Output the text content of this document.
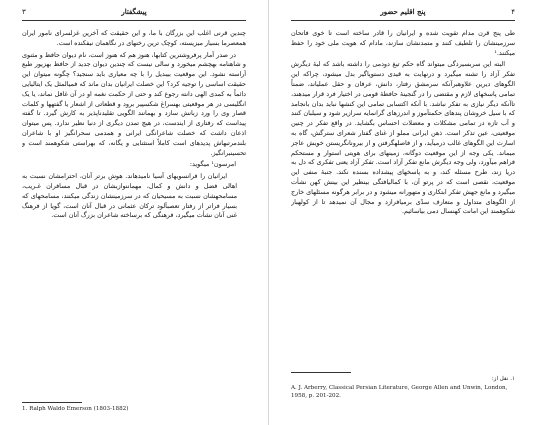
۳	پیشگفتار

چندین قرنی اغلب این بزرگان با ما، و این حقیقت که آخرین غزلسرای نامور ایران همعصرما بسیار میزیسته، کوچک ترین رخنهای در نگاهمان نیفکنده است.

در صدر آمار پرفروشترین کتابها، هنوز هم که هنوز است، نام دیوان حافظ و مثنوی و شاهنامه بهچشم میخورد و سالی نیست که چندین دیوان جدید از حافظ بهزیور طبع آراسته نشود. این موقعیت بیبدیل را با چه معیاری باید سنجید؟ چگونه میتوان این حقیقت اساسی را توجیه کرد؟ این خصلت ایرانیان بدان ماند که فمیالمثل یک ایتالیایی دائماً به کمدی الهی دانته رجوع کند و حتی از حکمت نغمه او در آن غافل نماند، یا یک انگلیسی در هر موقعیتی بهسراغ شکسپیر برود و قطعاتی از اشعار یا گفتهها و کلمات قصار وی را ورد زبانش سازد و بهمانند الگویی تقلیدناپذیر به کارش گیرد. تا گفته پیداست که رفتاری از ایندست، در هیچ تمدن دیگری از دنیا نظیر ندارد. پس میتوان اذعان داشت که خصلت شاعرانگی ایرانی و همدمی سحرانگیز او با شاعران بلندمرتبهاش پدیدهای است کاملاً استثنایی و یگانه، که بهراستی شکوهمند است و تحسینبرانگیز.

امرسون¹ میگوید:

ایرانیان را فرانسویهای آسیا نامیدهاند. هوش برتر آنان، احترامشان نسبت به اهالی فضل و دانش و کمال، مهماننوازیشان در قبال مسافران غـریب، مسامحهشان نسبت به مسیحیان که در سرزمینشان زندگی میکنند، مسامحهای که بسیار فراتر از رفتار تعصبآلود ترکان عثمانی در قبال آنان است، گویا از فرهنگ غنی آنان نشأت میگیرد، فرهنگی که برساخته شاعران بزرگ آنان است.

1. Ralph Waldo Emerson (1803-1882)
۴
پنج اقلیم حضور

طی پنج قرن مدام تقویت شده و ایرانیان را قادر ساخته است تا خوی فاتحان سرزمینشان را تلطیف کنند و متمدنشان سازند، مادام که هویت ملی خود را حفظ میکنند.¹

البته این سربسیردگی میتواند گاه حکم تیغ دودمی را داشته باشد که لبهٔ دیگرش تفکر آزاد را تشنه میگیرد و درنهایت به قیدی دستوپاگیر بدل میشود، چراکه این الگوهای دیرین علاوهبرآنکه سرمشق رفتار، دانش، عرفان و حقل عملیاند، ضمناً تمامی پاسخهای لازم و مقتضی را در گنجینهٔ حافظهٔ قومی در اختیار فرد قرار میدهند، تاآنکه دیگر نیازی به تفکر نباشد. با آنکه اکتسابی تمامی این کنشها نباید بدان بانجامد که با سیل خروشان پندهای حکمتآموز و اندرزهای گرانمایه سرازیر شود و سیلبان کنند و آب تازه در تمامی مشکلات و معضلات احساس بگشاید. در واقع تفکر در چنین موقعیتی، عین تذکر است. ذهن ایرانی مملو از غنای گفتار شعرای سترگش، گاه به اسارت این الگوهای غالب درمیآید، و از فاصلهگرفتن و از بیرونانگریستن خویش عاجز میماند. یکی وجه از این موقعیت دوگانه، زمینهای برای هویتی استوار و مستحکم فراهم میآورد، ولی وجه دیگرش مانع تفکر آزاد است. تفکر آزاد یعنی تفکری که دل به دریا زند، طرح مسئله کند، و به پاسخهای پیشداده بسنده نکند. جنبهٔ منفی این موقعیت، نقصی است که در پرتو آن، با کمالیافتگی بینظیر این بینش کهن نشأت میگیرد و مانع جهش تفکر ابتکاری و متهورانه میشود و در برابر هرگونه مسئلهای خارج از الگوهای متداول و متعارف سدّی برمیافرازد و مجال آن نمیدهد تا از کولهبار شکوهمند این امانت کهنسال دمی بیاسائیم.

۱. نقل از:
A. J. Arberry, Classical Persian Literature, George Allen and Unwin, London, 1958, p. 201-202.
